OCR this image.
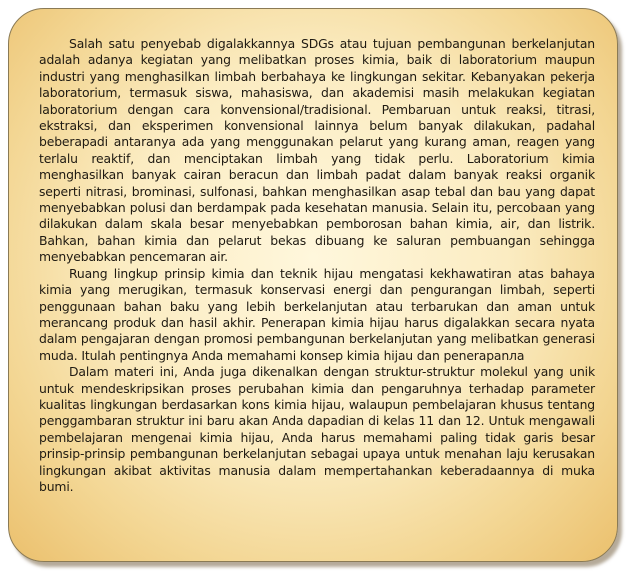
Salah satu penyebab digalakkannya SDGs atau tujuan pembangunan berkelanjutan adalah adanya kegiatan yang melibatkan proses kimia, baik di laboratorium maupun industri yang menghasilkan limbah berbahaya ke lingkungan sekitar. Kebanyakan pekerja laboratorium, termasuk siswa, mahasiswa, dan akademisi masih melakukan kegiatan laboratorium dengan cara konvensional/tradisional. Pembaruan untuk reaksi, titrasi, ekstraksi, dan eksperimen konvensional lainnya belum banyak dilakukan, padahal beberapadi antaranya ada yang menggunakan pelarut yang kurang aman, reagen yang terlalu reaktif, dan menciptakan limbah yang tidak perlu. Laboratorium kimia menghasilkan banyak cairan beracun dan limbah padat dalam banyak reaksi organik seperti nitrasi, brominasi, sulfonasi, bahkan menghasilkan asap tebal dan bau yang dapat menyebabkan polusi dan berdampak pada kesehatan manusia. Selain itu, percobaan yang dilakukan dalam skala besar menyebabkan pemborosan bahan kimia, air, dan listrik. Bahkan, bahan kimia dan pelarut bekas dibuang ke saluran pembuangan sehingga menyebabkan pencemaran air.

Ruang lingkup prinsip kimia dan teknik hijau mengatasi kekhawatiran atas bahaya kimia yang merugikan, termasuk konservasi energi dan pengurangan limbah, seperti penggunaan bahan baku yang lebih berkelanjutan atau terbarukan dan aman untuk merancang produk dan hasil akhir. Penerapan kimia hijau harus digalakkan secara nyata dalam pengajaran dengan promosi pembangunan berkelanjutan yang melibatkan generasi muda. Itulah pentingnya Anda memahami konsep kimia hijau dan penerapanлa

Dalam materi ini, Anda juga dikenalkan dengan struktur-struktur molekul yang unik untuk mendeskripsikan proses perubahan kimia dan pengaruhnya terhadap parameter kualitas lingkungan berdasarkan kons kimia hijau, walaupun pembelajaran khusus tentang penggambaran struktur ini baru akan Anda dapadian di kelas 11 dan 12. Untuk mengawali pembelajaran mengenai kimia hijau, Anda harus memahami paling tidak garis besar prinsip-prinsip pembangunan berkelanjutan sebagai upaya untuk menahan laju kerusakan lingkungan akibat aktivitas manusia dalam mempertahankan keberadaannya di muka bumi.
